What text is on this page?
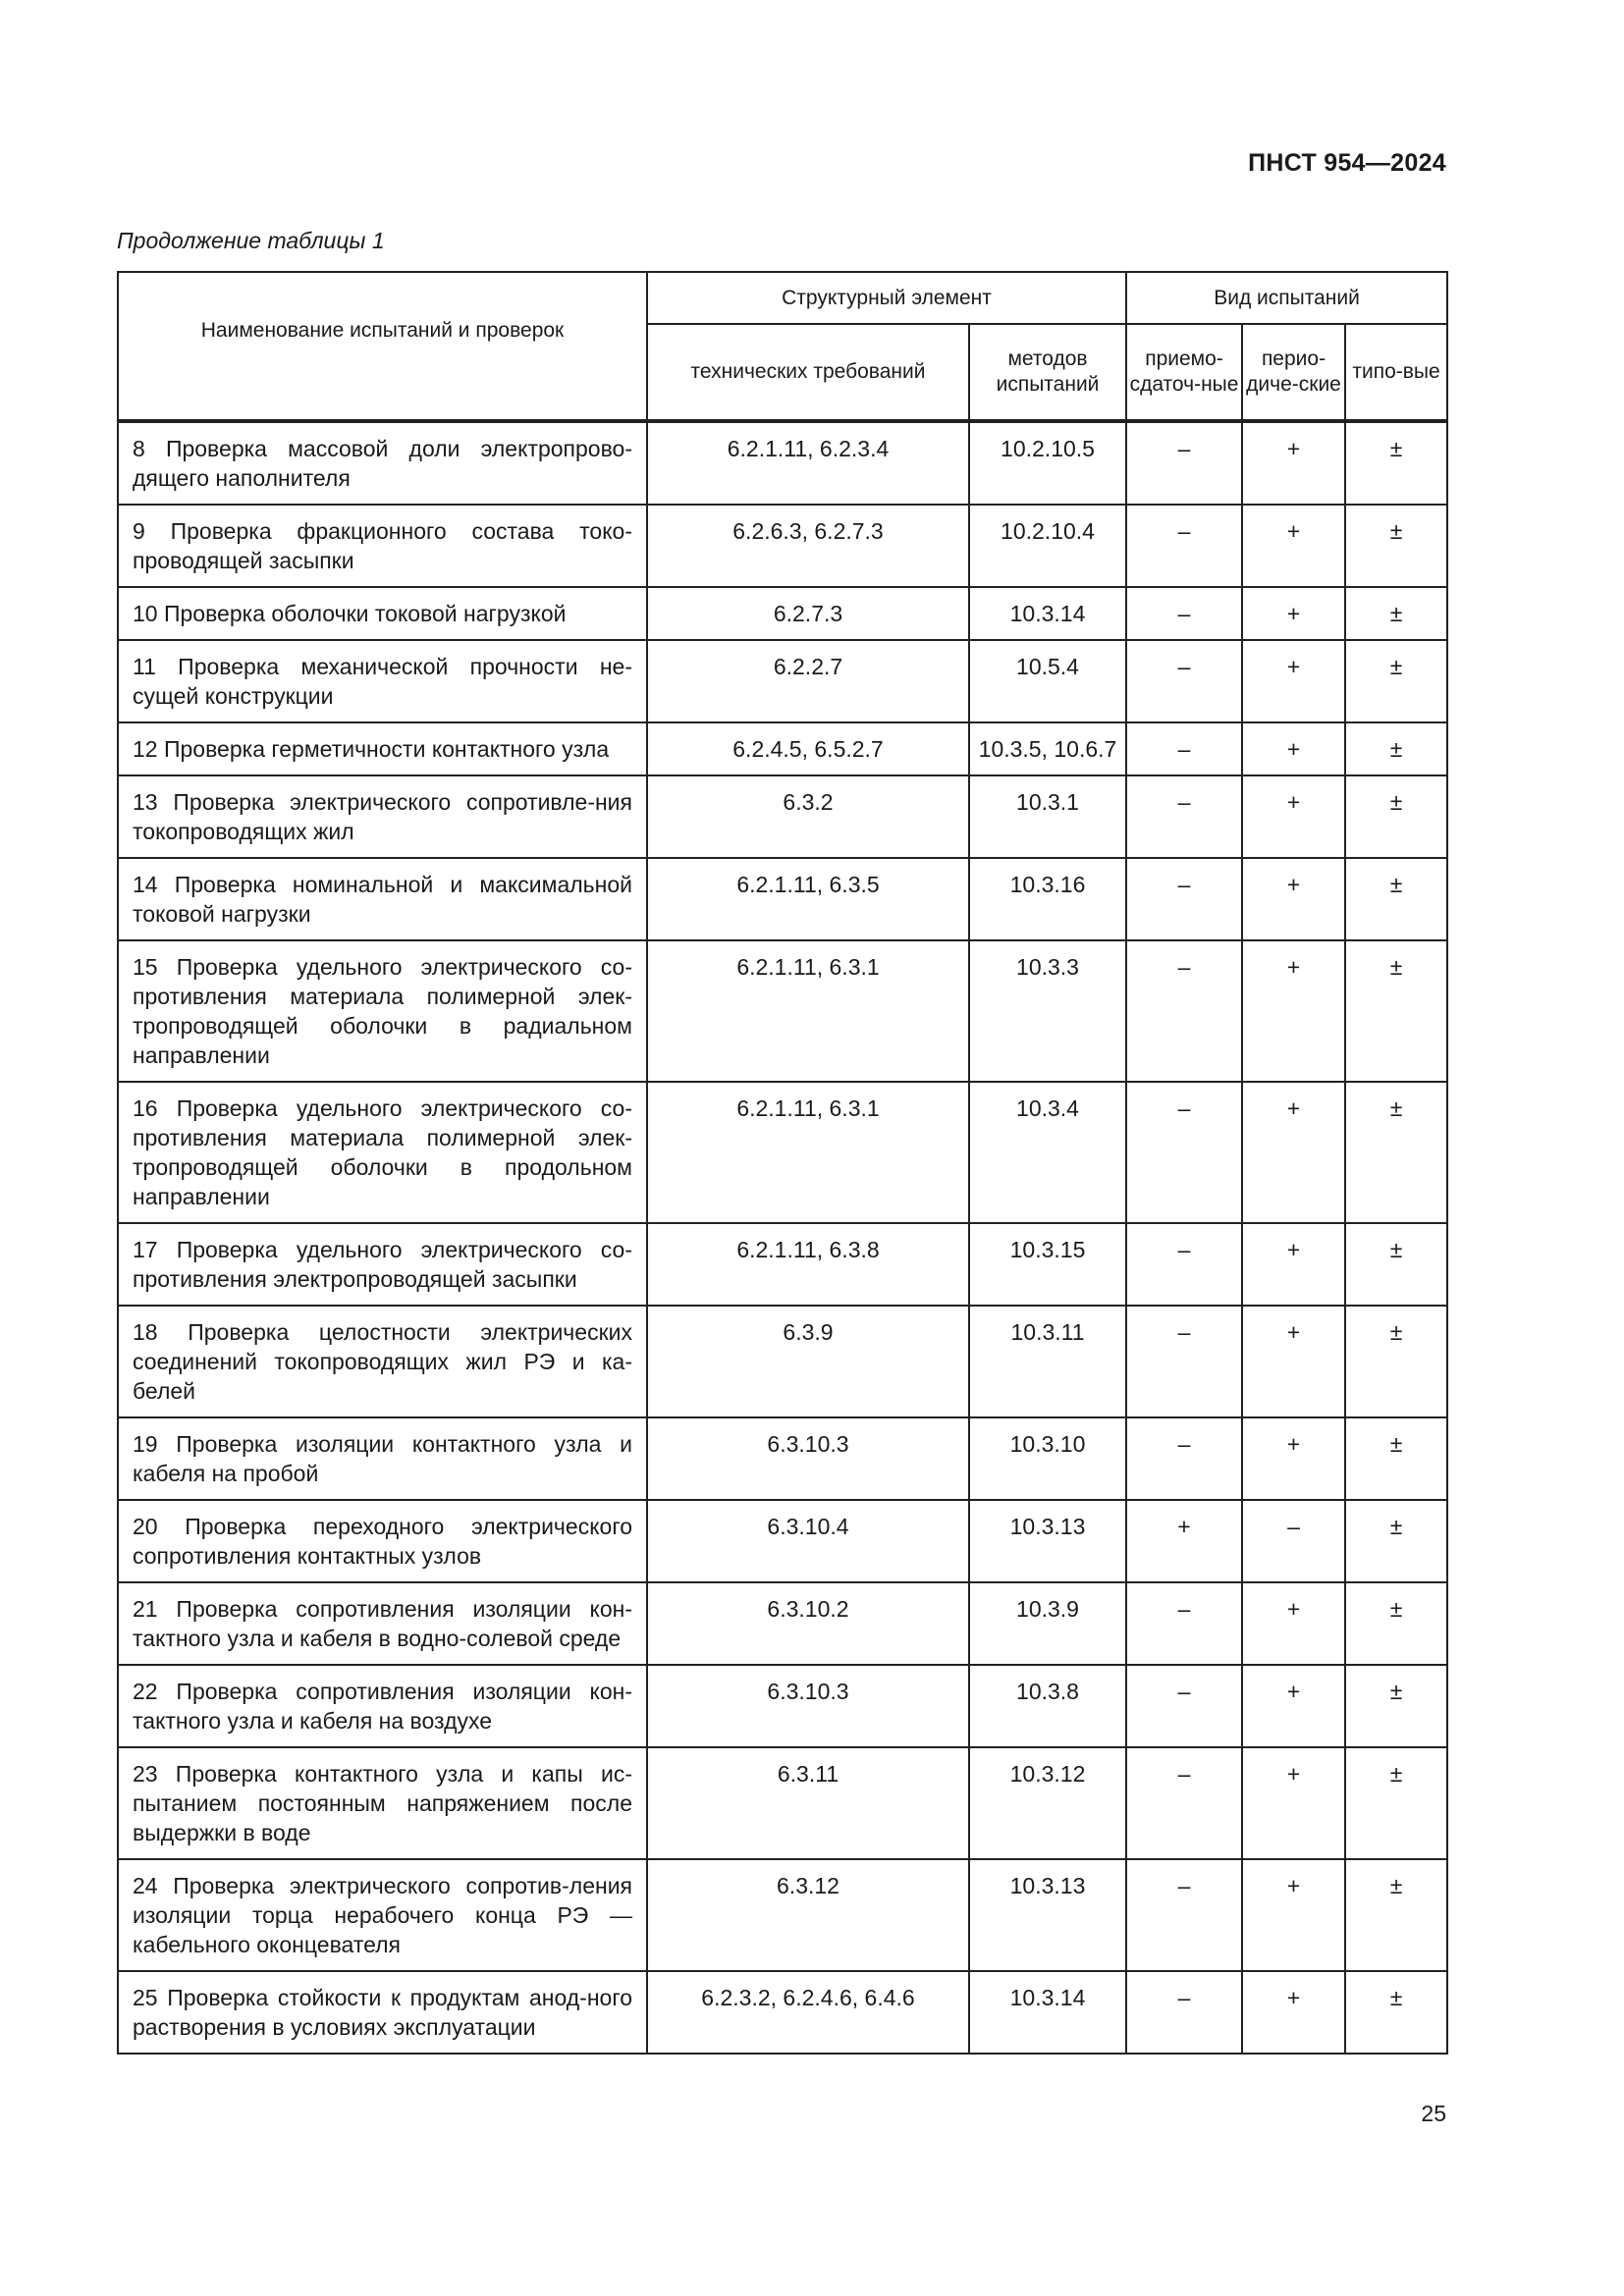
ПНСТ 954—2024
Продолжение таблицы 1
Наименование испытаний и проверок	Структурный элемент		Вид испытаний		
	технических требований	методов испытаний	приемо-сдаточ-ные	перио-диче-ские	типо-вые
8 Проверка массовой доли электропрово-дящего наполнителя	6.2.1.11, 6.2.3.4	10.2.10.5	–	+	±
9 Проверка фракционного состава токо-проводящей засыпки	6.2.6.3, 6.2.7.3	10.2.10.4	–	+	±
10 Проверка оболочки токовой нагрузкой	6.2.7.3	10.3.14	–	+	±
11 Проверка механической прочности не-сущей конструкции	6.2.2.7	10.5.4	–	+	±
12 Проверка герметичности контактного узла	6.2.4.5, 6.5.2.7	10.3.5, 10.6.7	–	+	±
13 Проверка электрического сопротивле-ния токопроводящих жил	6.3.2	10.3.1	–	+	±
14 Проверка номинальной и максимальной токовой нагрузки	6.2.1.11, 6.3.5	10.3.16	–	+	±
15 Проверка удельного электрического со-противления материала полимерной элек-тропроводящей оболочки в радиальном направлении	6.2.1.11, 6.3.1	10.3.3	–	+	±
16 Проверка удельного электрического со-противления материала полимерной элек-тропроводящей оболочки в продольном направлении	6.2.1.11, 6.3.1	10.3.4	–	+	±
17 Проверка удельного электрического со-противления электропроводящей засыпки	6.2.1.11, 6.3.8	10.3.15	–	+	±
18 Проверка целостности электрических соединений токопроводящих жил РЭ и ка-белей	6.3.9	10.3.11	–	+	±
19 Проверка изоляции контактного узла и кабеля на пробой	6.3.10.3	10.3.10	–	+	±
20 Проверка переходного электрического сопротивления контактных узлов	6.3.10.4	10.3.13	+	–	±
21 Проверка сопротивления изоляции кон-тактного узла и кабеля в водно-солевой среде	6.3.10.2	10.3.9	–	+	±
22 Проверка сопротивления изоляции кон-тактного узла и кабеля на воздухе	6.3.10.3	10.3.8	–	+	±
23 Проверка контактного узла и капы ис-пытанием постоянным напряжением после выдержки в воде	6.3.11	10.3.12	–	+	±
24 Проверка электрического сопротив-ления изоляции торца нерабочего конца РЭ — кабельного оконцевателя	6.3.12	10.3.13	–	+	±
25 Проверка стойкости к продуктам анод-ного растворения в условиях эксплуатации	6.2.3.2, 6.2.4.6, 6.4.6	10.3.14	–	+	±
25
